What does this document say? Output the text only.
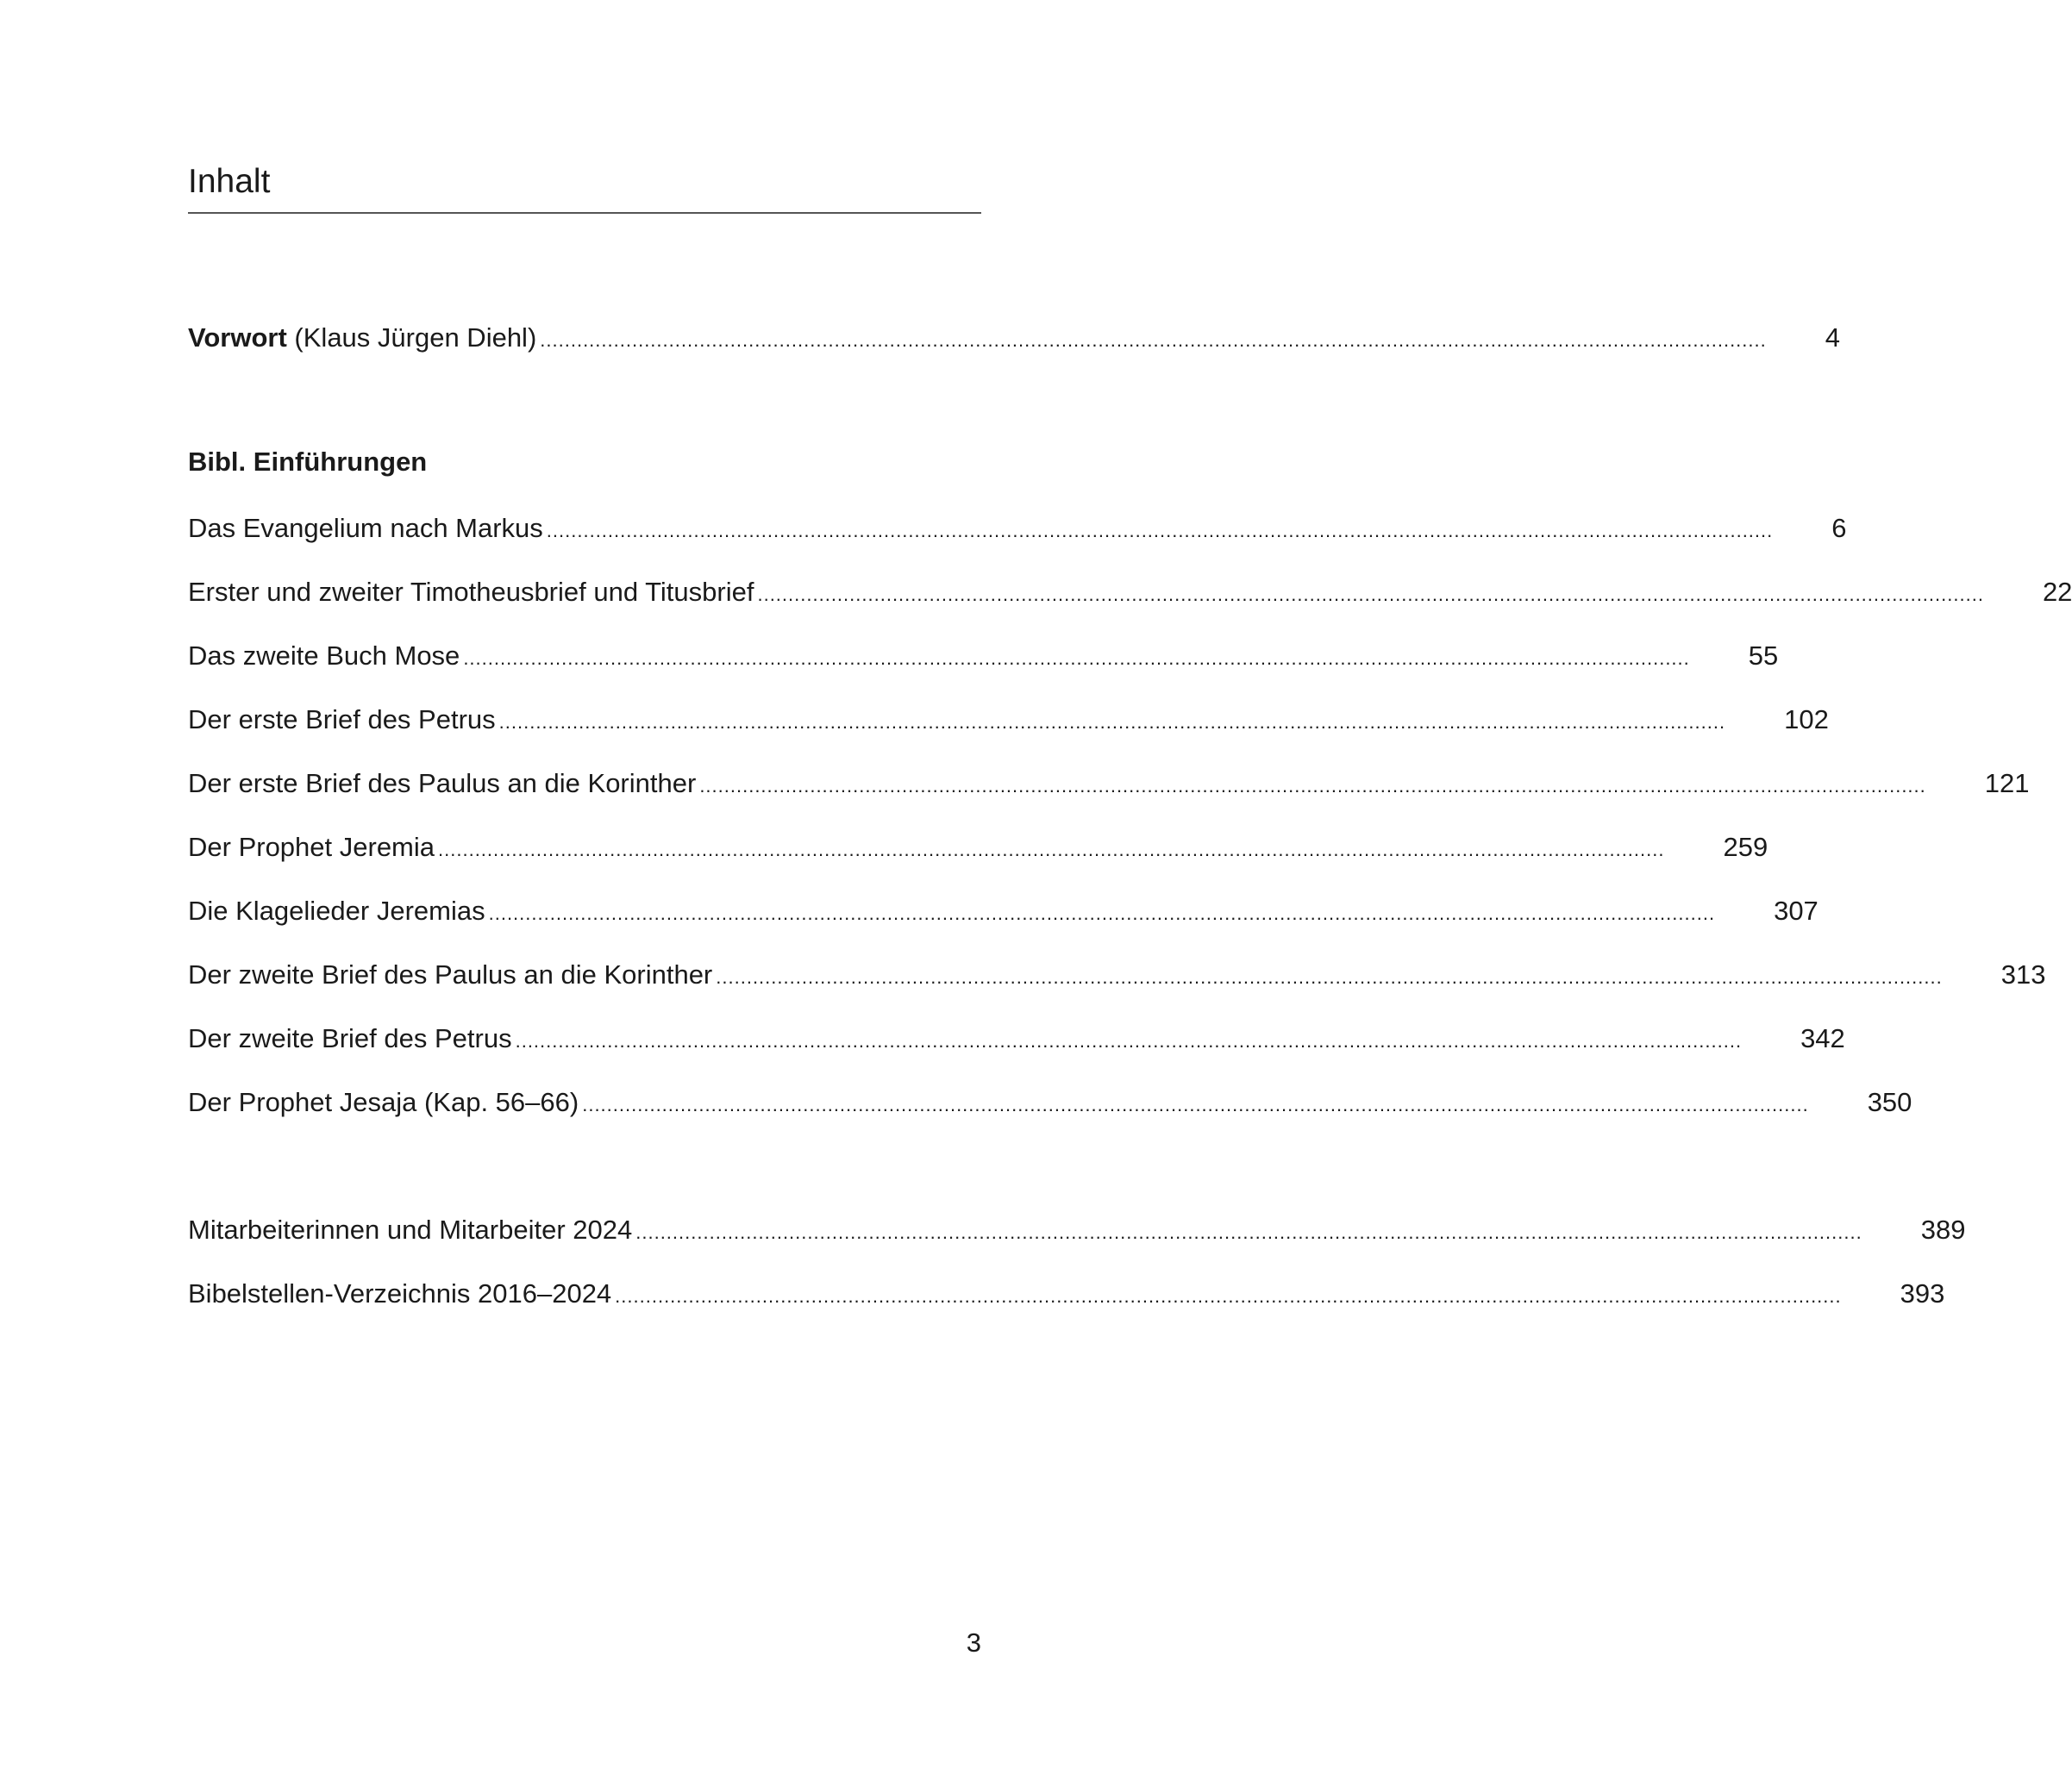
Inhalt
Vorwort (Klaus Jürgen Diehl) ........................................................................................................................................................................................................ 4
Bibl. Einführungen
Das Evangelium nach Markus ........................................................................................................................................................................................................ 6
Erster und zweiter Timotheusbrief und Titusbrief ........................................................................................................................................................................................................ 22
Das zweite Buch Mose ........................................................................................................................................................................................................ 55
Der erste Brief des Petrus ........................................................................................................................................................................................................ 102
Der erste Brief des Paulus an die Korinther ........................................................................................................................................................................................................ 121
Der Prophet Jeremia ........................................................................................................................................................................................................ 259
Die Klagelieder Jeremias ........................................................................................................................................................................................................ 307
Der zweite Brief des Paulus an die Korinther ........................................................................................................................................................................................................ 313
Der zweite Brief des Petrus ........................................................................................................................................................................................................ 342
Der Prophet Jesaja (Kap. 56–66) ........................................................................................................................................................................................................ 350
Mitarbeiterinnen und Mitarbeiter 2024 ........................................................................................................................................................................................................ 389
Bibelstellen-Verzeichnis 2016–2024 ........................................................................................................................................................................................................ 393
3
